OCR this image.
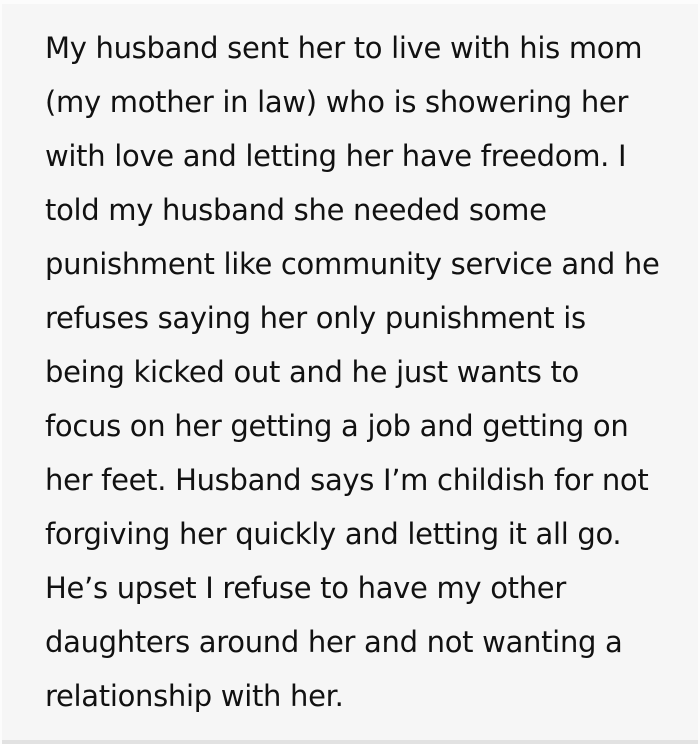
My husband sent her to live with his mom
(my mother in law) who is showering her
with love and letting her have freedom. I
told my husband she needed some
punishment like community service and he
refuses saying her only punishment is
being kicked out and he just wants to
focus on her getting a job and getting on
her feet. Husband says I’m childish for not
forgiving her quickly and letting it all go.
He’s upset I refuse to have my other
daughters around her and not wanting a
relationship with her.
